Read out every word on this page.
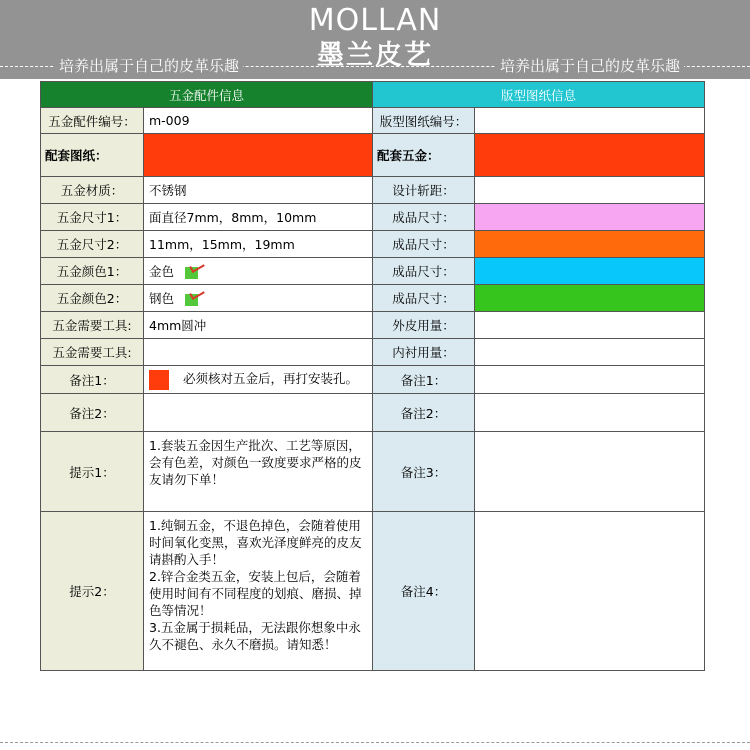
MOLLAN
墨兰皮艺
培养出属于自己的皮革乐趣	培养出属于自己的皮革乐趣
五金配件信息		版型图纸信息	
五金配件编号：	m-009	版型图纸编号：	
配套图纸：		配套五金：	
五金材质：	不锈钢	设计斩距：	
五金尺寸1：	面直径7mm，8mm，10mm	成品尺寸：	
五金尺寸2：	11mm，15mm，19mm	成品尺寸：	
五金颜色1：	金色	成品尺寸：	
五金颜色2：	钢色	成品尺寸：	
五金需要工具:	4mm圆冲	外皮用量：	
五金需要工具:		内衬用量：	
备注1：	必须核对五金后，再打安装孔。	备注1：	
备注2：		备注2：	
提示1：	1.套装五金因生产批次、工艺等原因，会有色差，对颜色一致度要求严格的皮友请勿下单！	备注3：	
提示2：	1.纯铜五金，不退色掉色，会随着使用时间氧化变黑，喜欢光泽度鲜亮的皮友请斟酌入手！
2.锌合金类五金，安装上包后，会随着使用时间有不同程度的划痕、磨损、掉色等情况！
3.五金属于损耗品，无法跟你想象中永久不褪色、永久不磨损。请知悉！	备注4：	
